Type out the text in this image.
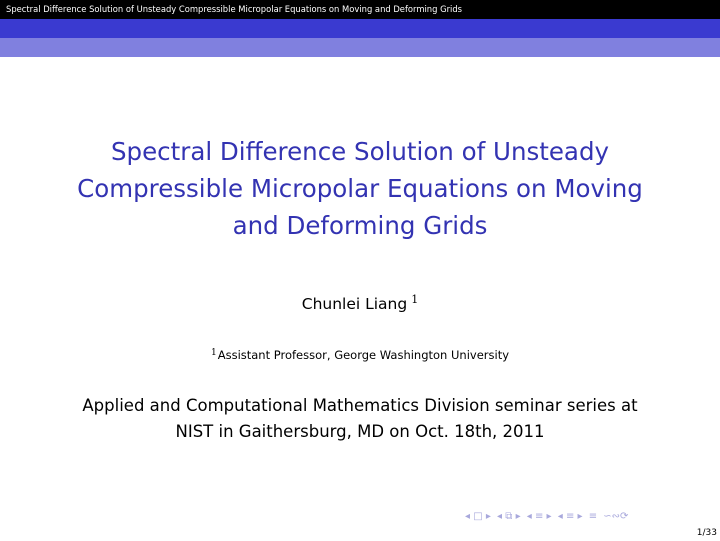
Spectral Difference Solution of Unsteady Compressible Micropolar Equations on Moving and Deforming Grids
Spectral Difference Solution of Unsteady Compressible Micropolar Equations on Moving and Deforming Grids
Chunlei Liang $^1$
$^1$Assistant Professor, George Washington University
Applied and Computational Mathematics Division seminar series at NIST in Gaithersburg, MD on Oct. 18th, 2011
◂ □ ▸ ◂ ⧉ ▸ ◂ ≡ ▸ ◂ ≡ ▸ ≡ ∽∾⟳
1/33
